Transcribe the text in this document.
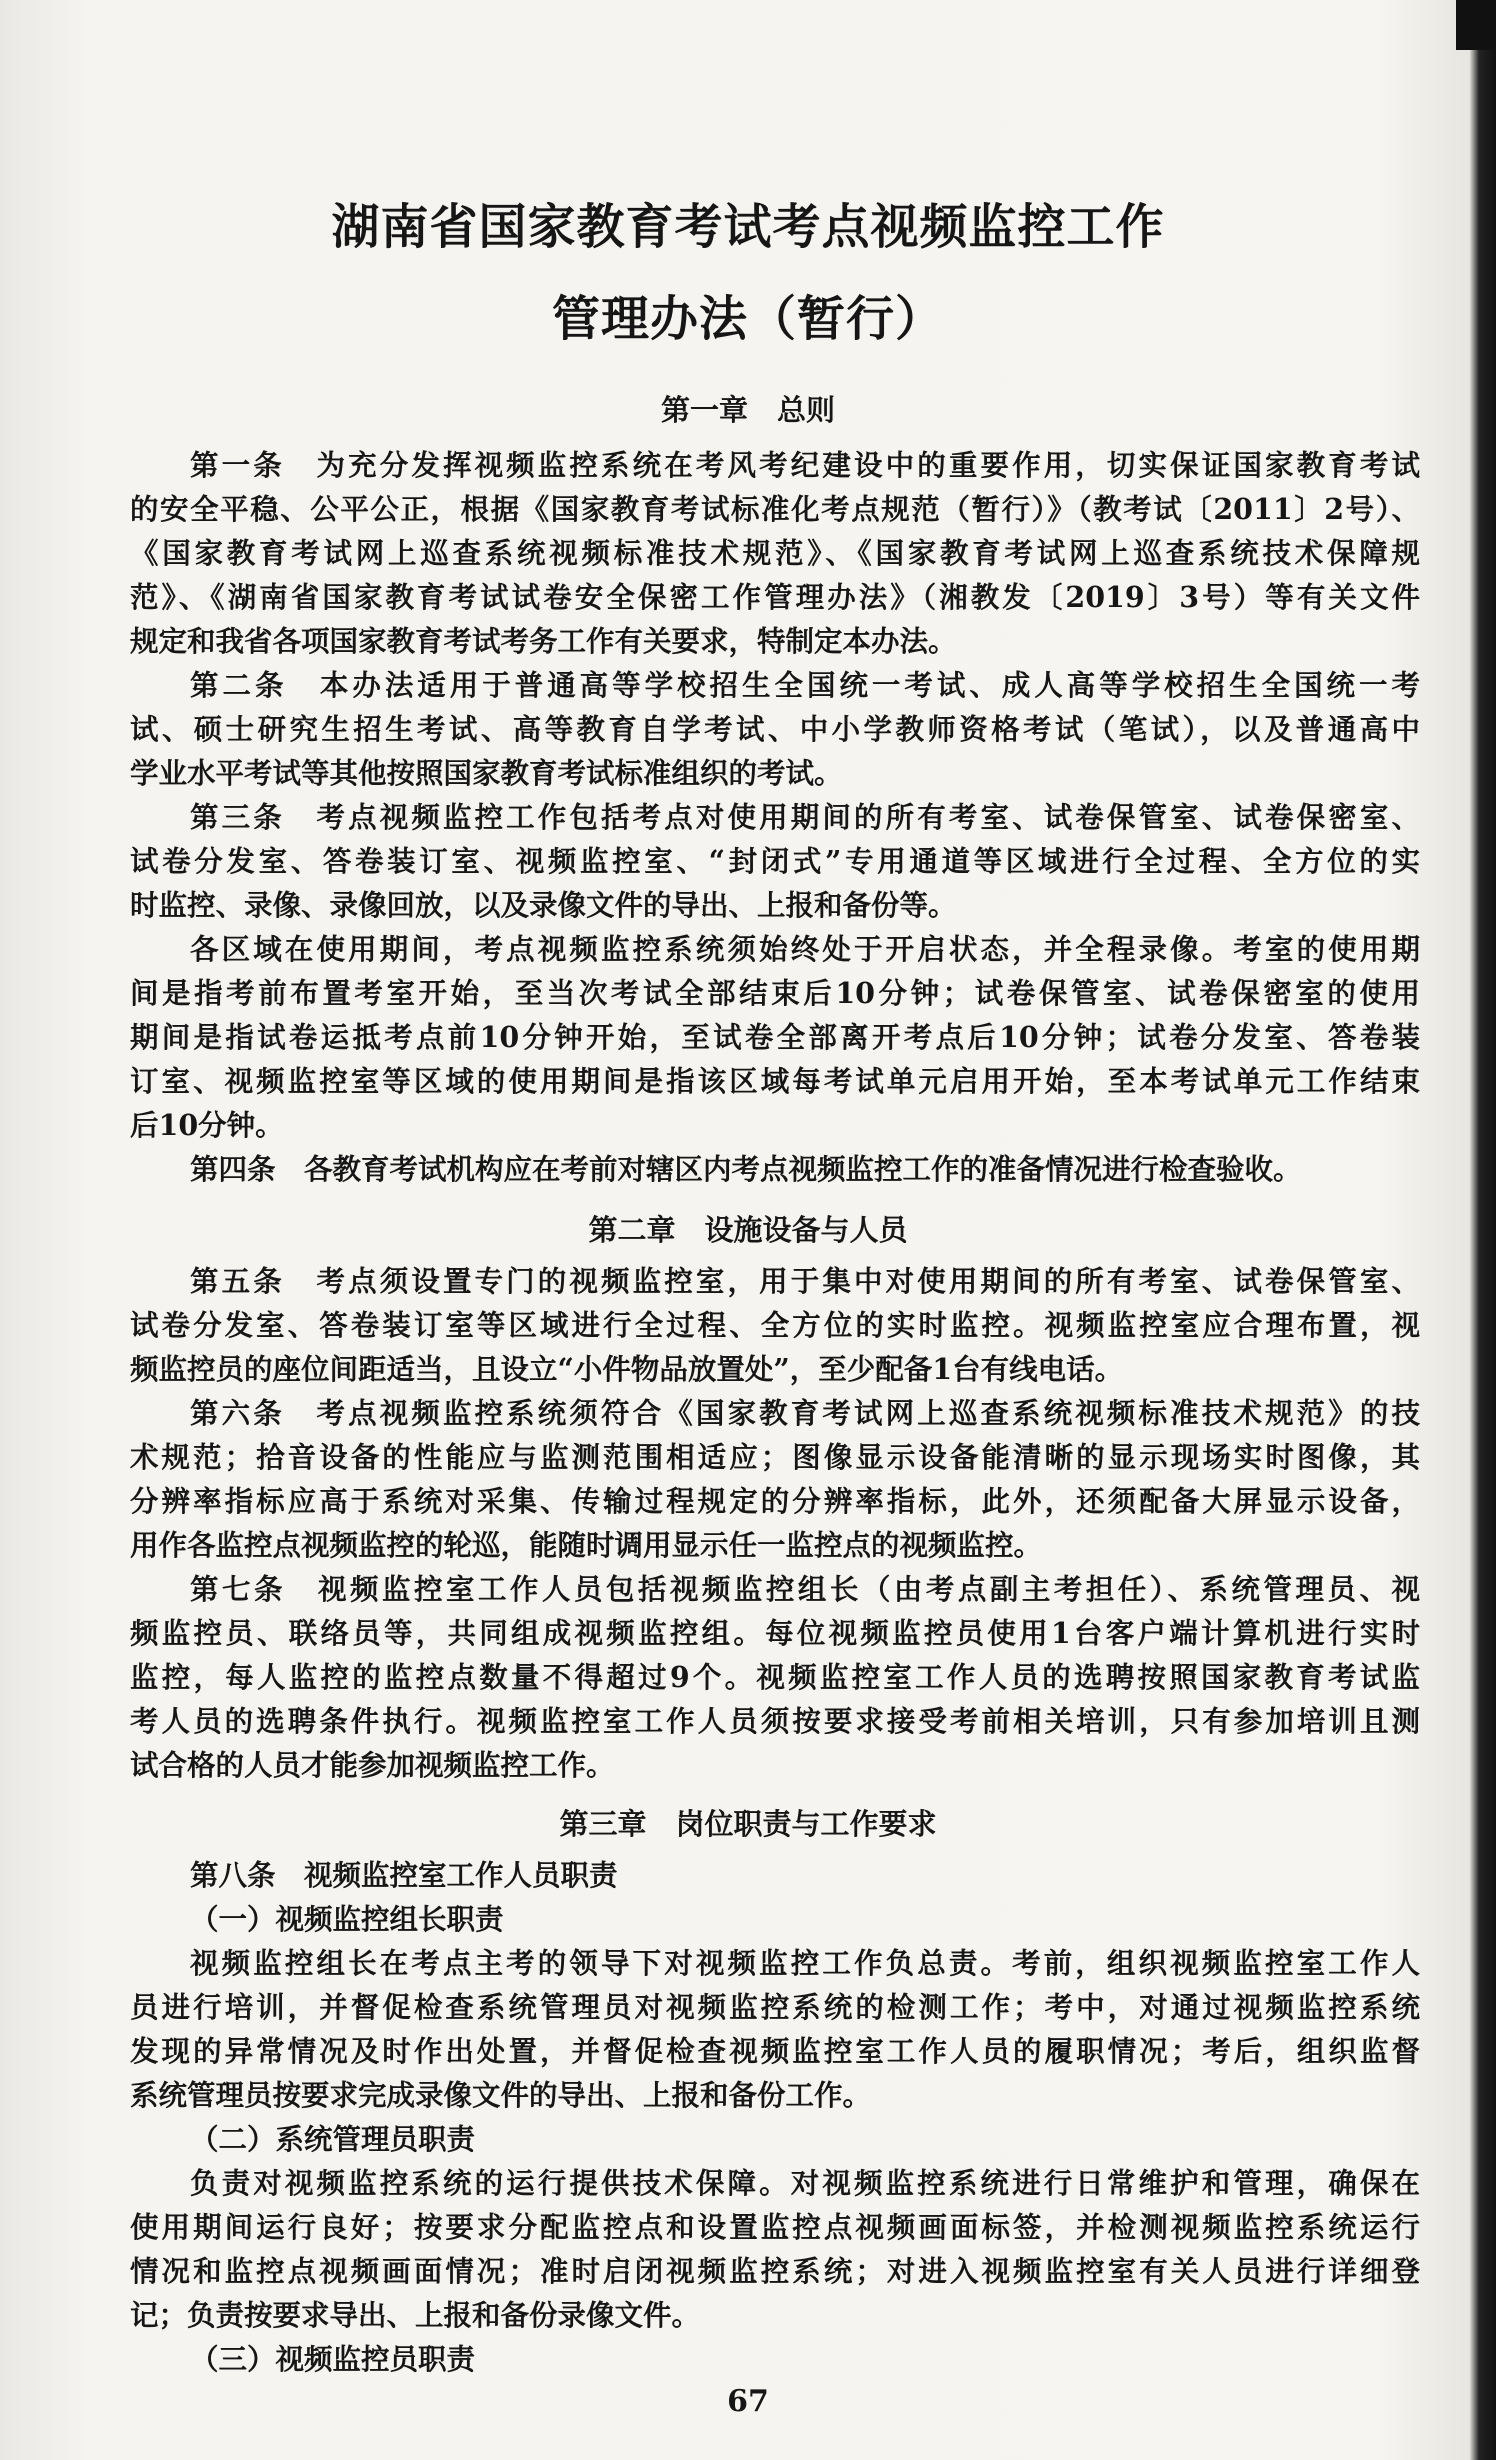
湖南省国家教育考试考点视频监控工作
管理办法（暂行）
第一章　总则
第一条　为充分发挥视频监控系统在考风考纪建设中的重要作用，切实保证国家教育考试
的安全平稳、公平公正，根据《国家教育考试标准化考点规范（暂行）》（教考试〔2011〕2号）、
《国家教育考试网上巡查系统视频标准技术规范》、《国家教育考试网上巡查系统技术保障规
范》、《湖南省国家教育考试试卷安全保密工作管理办法》（湘教发〔2019〕3号）等有关文件
规定和我省各项国家教育考试考务工作有关要求，特制定本办法。
第二条　本办法适用于普通高等学校招生全国统一考试、成人高等学校招生全国统一考
试、硕士研究生招生考试、高等教育自学考试、中小学教师资格考试（笔试），以及普通高中
学业水平考试等其他按照国家教育考试标准组织的考试。
第三条　考点视频监控工作包括考点对使用期间的所有考室、试卷保管室、试卷保密室、
试卷分发室、答卷装订室、视频监控室、“封闭式”专用通道等区域进行全过程、全方位的实
时监控、录像、录像回放，以及录像文件的导出、上报和备份等。
各区域在使用期间，考点视频监控系统须始终处于开启状态，并全程录像。考室的使用期
间是指考前布置考室开始，至当次考试全部结束后10分钟；试卷保管室、试卷保密室的使用
期间是指试卷运抵考点前10分钟开始，至试卷全部离开考点后10分钟；试卷分发室、答卷装
订室、视频监控室等区域的使用期间是指该区域每考试单元启用开始，至本考试单元工作结束
后10分钟。
第四条　各教育考试机构应在考前对辖区内考点视频监控工作的准备情况进行检查验收。
第二章　设施设备与人员
第五条　考点须设置专门的视频监控室，用于集中对使用期间的所有考室、试卷保管室、
试卷分发室、答卷装订室等区域进行全过程、全方位的实时监控。视频监控室应合理布置，视
频监控员的座位间距适当，且设立“小件物品放置处”，至少配备1台有线电话。
第六条　考点视频监控系统须符合《国家教育考试网上巡查系统视频标准技术规范》的技
术规范；拾音设备的性能应与监测范围相适应；图像显示设备能清晰的显示现场实时图像，其
分辨率指标应高于系统对采集、传输过程规定的分辨率指标，此外，还须配备大屏显示设备，
用作各监控点视频监控的轮巡，能随时调用显示任一监控点的视频监控。
第七条　视频监控室工作人员包括视频监控组长（由考点副主考担任）、系统管理员、视
频监控员、联络员等，共同组成视频监控组。每位视频监控员使用1台客户端计算机进行实时
监控，每人监控的监控点数量不得超过9个。视频监控室工作人员的选聘按照国家教育考试监
考人员的选聘条件执行。视频监控室工作人员须按要求接受考前相关培训，只有参加培训且测
试合格的人员才能参加视频监控工作。
第三章　岗位职责与工作要求
第八条　视频监控室工作人员职责
（一）视频监控组长职责
视频监控组长在考点主考的领导下对视频监控工作负总责。考前，组织视频监控室工作人
员进行培训，并督促检查系统管理员对视频监控系统的检测工作；考中，对通过视频监控系统
发现的异常情况及时作出处置，并督促检查视频监控室工作人员的履职情况；考后，组织监督
系统管理员按要求完成录像文件的导出、上报和备份工作。
（二）系统管理员职责
负责对视频监控系统的运行提供技术保障。对视频监控系统进行日常维护和管理，确保在
使用期间运行良好；按要求分配监控点和设置监控点视频画面标签，并检测视频监控系统运行
情况和监控点视频画面情况；准时启闭视频监控系统；对进入视频监控室有关人员进行详细登
记；负责按要求导出、上报和备份录像文件。
（三）视频监控员职责
67
